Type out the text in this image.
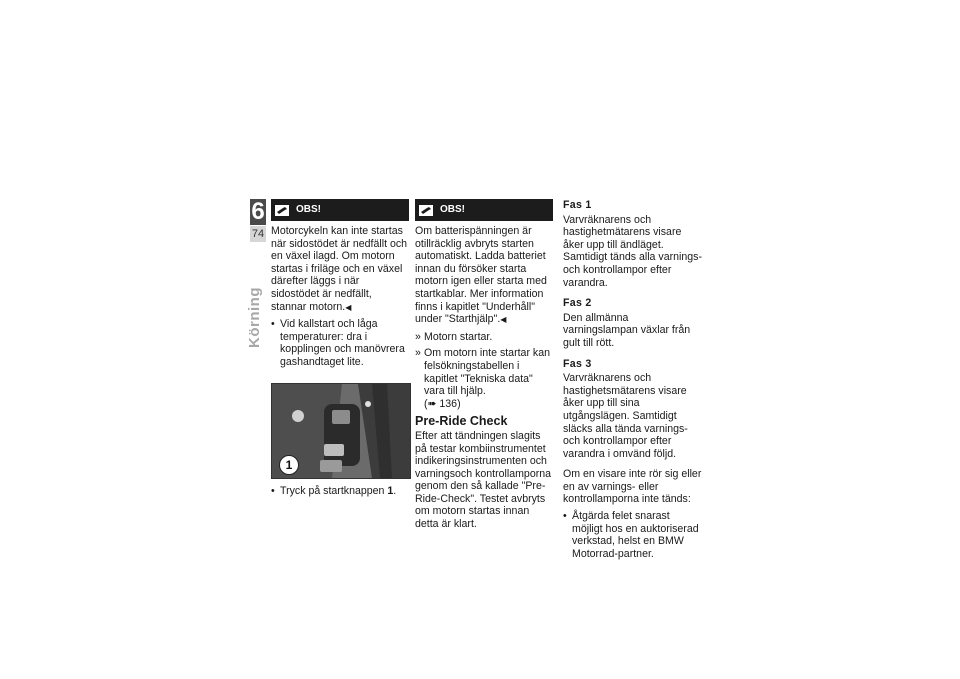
6
74
Körning
OBS!

Motorcykeln kan inte startas när sidostödet är nedfällt och en växel ilagd. Om motorn startas i friläge och en växel därefter läggs i när sidostödet är nedfällt, stannar motorn.◀

• Vid kallstart och låga temperaturer: dra i kopplingen och manövrera gashandtaget lite.
1
• Tryck på startknappen 1.
OBS!

Om batterispänningen är otillräcklig avbryts starten automatiskt. Ladda batteriet innan du försöker starta motorn igen eller starta med startkablar. Mer information finns i kapitlet "Underhåll" under "Starthjälp".◀

» Motorn startar.
» Om motorn inte startar kan felsökningstabellen i kapitlet "Tekniska data" vara till hjälp.
(➠ 136)
Pre-Ride Check

Efter att tändningen slagits på testar kombiinstrumentet indikeringsinstrumenten och varningsoch kontrollamporna genom den så kallade "Pre-Ride-Check". Testet avbryts om motorn startas innan detta är klart.

Fas 1

Varvräknarens och hastighetmätarens visare åker upp till ändläget. Samtidigt tänds alla varnings- och kontrollampor efter varandra.

Fas 2

Den allmänna varningslampan växlar från gult till rött.

Fas 3

Varvräknarens och hastighetsmätarens visare åker upp till sina utgångslägen. Samtidigt släcks alla tända varnings- och kontrollampor efter varandra i omvänd följd.

Om en visare inte rör sig eller en av varnings- eller kontrollamporna inte tänds:

• Åtgärda felet snarast möjligt hos en auktoriserad verkstad, helst en BMW Motorrad-partner.
